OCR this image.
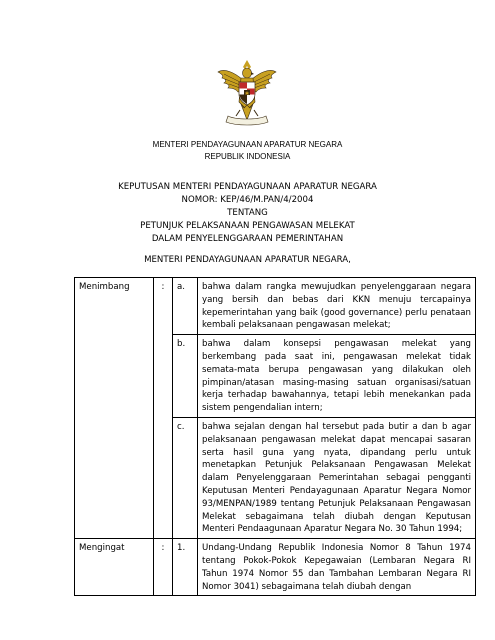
MENTERI PENDAYAGUNAAN APARATUR NEGARA
REPUBLIK INDONESIA
KEPUTUSAN MENTERI PENDAYAGUNAAN APARATUR NEGARA
NOMOR: KEP/46/M.PAN/4/2004
TENTANG
PETUNJUK PELAKSANAAN PENGAWASAN MELEKAT
DALAM PENYELENGGARAAN PEMERINTAHAN
MENTERI PENDAYAGUNAAN APARATUR NEGARA,
Menimbang	:	a.	bahwa dalam rangka mewujudkan penyelenggaraan negara yang bersih dan bebas dari KKN menuju tercapainya kepemerintahan yang baik (good governance) perlu penataan kembali pelaksanaan pengawasan melekat;
		b.	bahwa dalam konsepsi pengawasan melekat yang berkembang pada saat ini, pengawasan melekat tidak semata-mata berupa pengawasan yang dilakukan oleh pimpinan/atasan masing-masing satuan organisasi/satuan kerja terhadap bawahannya, tetapi lebih menekankan pada sistem pengendalian intern;
		c.	bahwa sejalan dengan hal tersebut pada butir a dan b agar pelaksanaan pengawasan melekat dapat mencapai sasaran serta hasil guna yang nyata, dipandang perlu untuk menetapkan Petunjuk Pelaksanaan Pengawasan Melekat dalam Penyelenggaraan Pemerintahan sebagai pengganti Keputusan Menteri Pendayagunaan Aparatur Negara Nomor 93/MENPAN/1989 tentang Petunjuk Pelaksanaan Pengawasan Melekat sebagaimana telah diubah dengan Keputusan Menteri Pendaagunaan Aparatur Negara No. 30 Tahun 1994;
Mengingat	:	1.	Undang-Undang Republik Indonesia Nomor 8 Tahun 1974 tentang Pokok-Pokok Kepegawaian (Lembaran Negara RI Tahun 1974 Nomor 55 dan Tambahan Lembaran Negara RI Nomor 3041) sebagaimana telah diubah dengan
